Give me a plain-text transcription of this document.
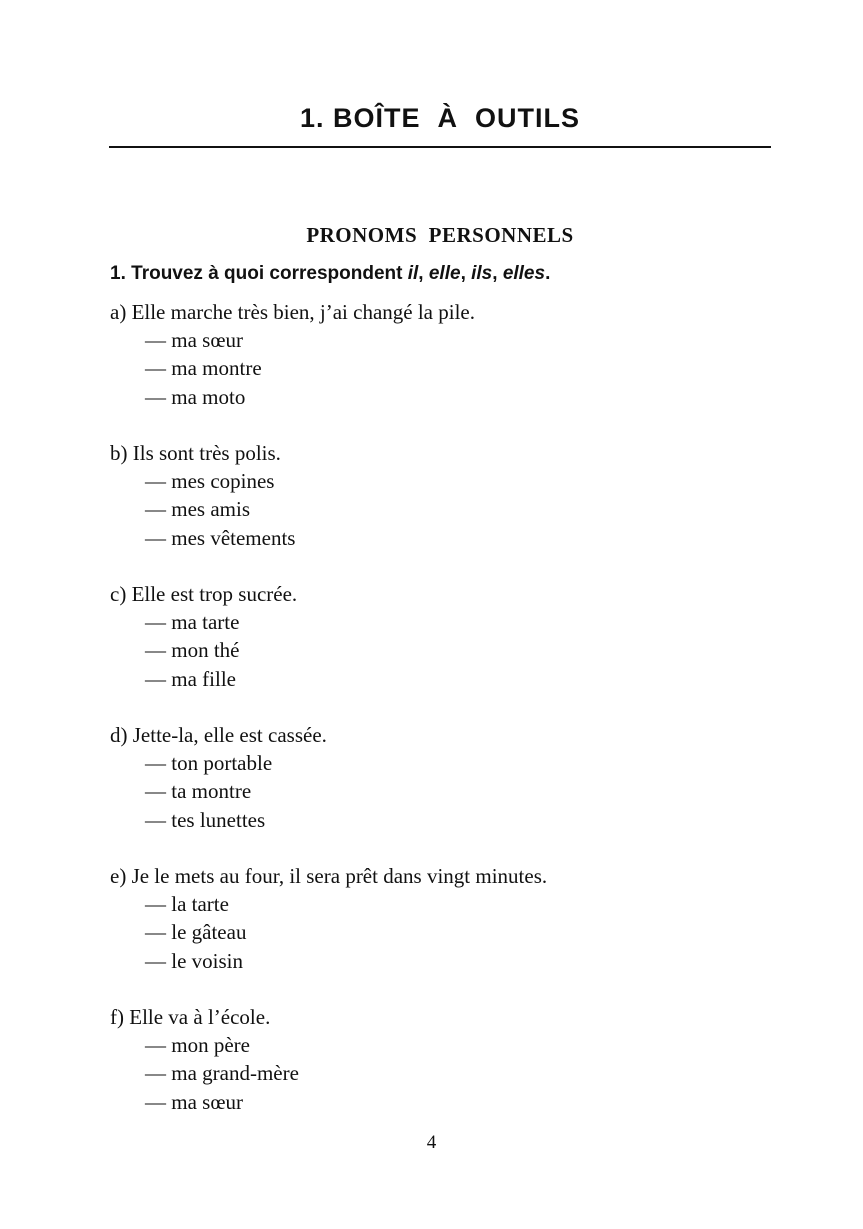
1. BOÎTE  À  OUTILS
PRONOMS  PERSONNELS
1. Trouvez à quoi correspondent il, elle, ils, elles.
a) Elle marche très bien, j’ai changé la pile.
— ma sœur
— ma montre
— ma moto
b) Ils sont très polis.
— mes copines
— mes amis
— mes vêtements
c) Elle est trop sucrée.
— ma tarte
— mon thé
— ma fille
d) Jette-la, elle est cassée.
— ton portable
— ta montre
— tes lunettes
e) Je le mets au four, il sera prêt dans vingt minutes.
— la tarte
— le gâteau
— le voisin
f) Elle va à l’école.
— mon père
— ma grand-mère
— ma sœur
4
